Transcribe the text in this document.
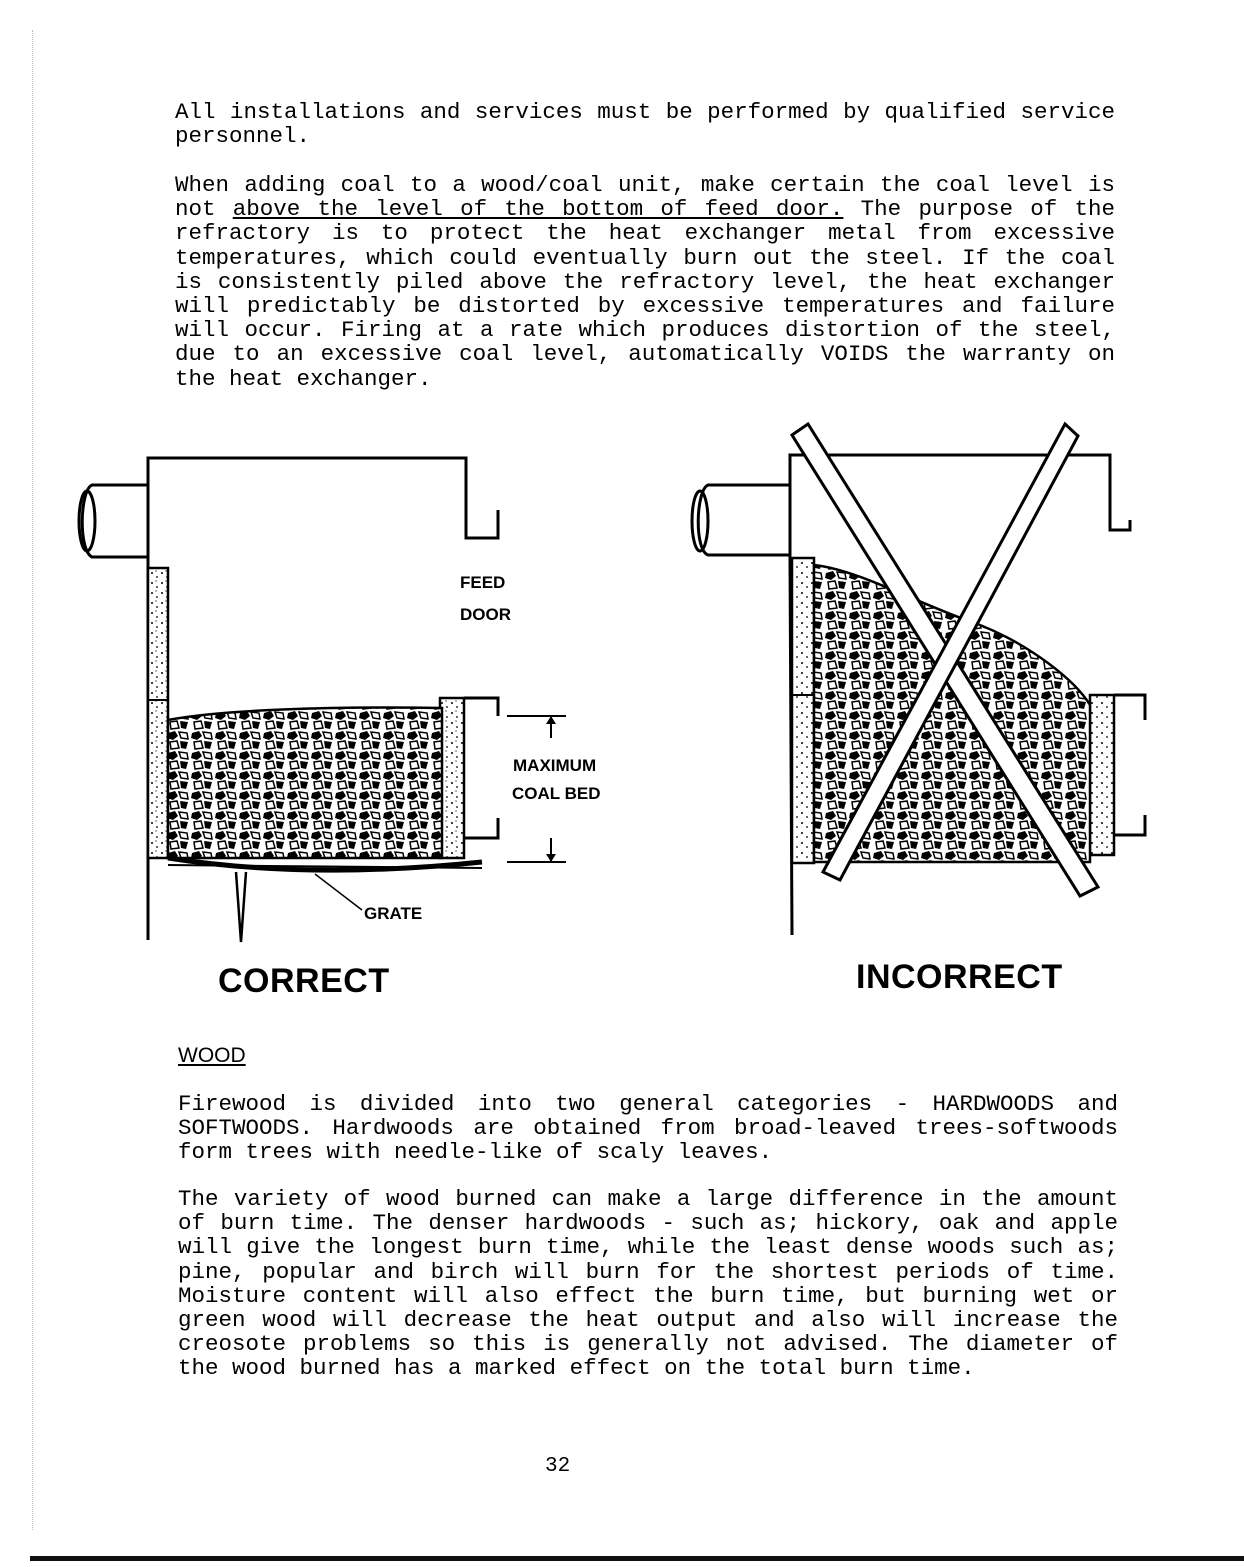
All installations and services must be performed by qualified service personnel.

When adding coal to a wood/coal unit, make certain the coal level is not above the level of the bottom of feed door. The purpose of the refractory is to protect the heat exchanger metal from excessive temperatures, which could eventually burn out the steel. If the coal is consistently piled above the refractory level, the heat exchanger will predictably be distorted by excessive temperatures and failure will occur. Firing at a rate which produces distortion of the steel, due to an excessive coal level, automatically VOIDS the warranty on the heat exchanger.

FEED
DOOR
MAXIMUM
COAL BED
GRATE
CORRECT	INCORRECT
WOOD

Firewood is divided into two general categories - HARDWOODS and SOFTWOODS. Hardwoods are obtained from broad-leaved trees-softwoods form trees with needle-like of scaly leaves.

The variety of wood burned can make a large difference in the amount of burn time. The denser hardwoods - such as; hickory, oak and apple will give the longest burn time, while the least dense woods such as; pine, popular and birch will burn for the shortest periods of time. Moisture content will also effect the burn time, but burning wet or green wood will decrease the heat output and also will increase the creosote problems so this is generally not advised. The diameter of the wood burned has a marked effect on the total burn time.

32
